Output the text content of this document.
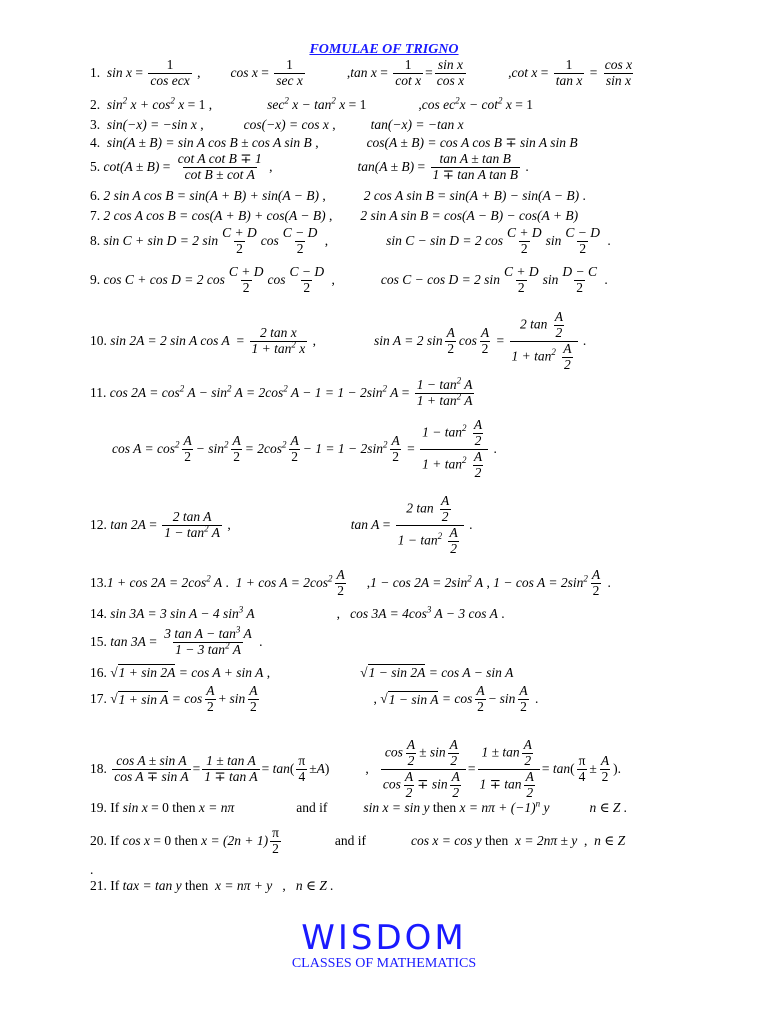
FOMULAE OF TRIGNO
1.
$\sin x = \frac{1}{\text{cos ecx}}$ , $\cos x = \frac{1}{\text{sec x}}$	, $\tan x = \frac{1}{\text{cot x}} = \frac{\text{sin x}}{\text{cos x}}$	, $\cot x = \frac{1}{\text{tan x}} = \frac{\text{cos x}}{\text{sin x}}$
2.
$\sin^2 x + \cos^2 x = 1$ ,	$\sec^2 x - \tan^2 x = 1$	, $\cos ec^2x - \cot^2 x = 1$
3.
sin(−x) = −sin x ,	cos(−x) = cos x ,	tan(−x) = −tan x
4.
sin(A ± B) = sin A cos B ± cos A sin B ,	cos(A ± B) = cos A cos B ∓ sin A sin B
5.
$\cot(A \pm B) = \frac{\text{cot A cot B ∓ 1}}{\text{cot B ± cot A}}$ ,	$\tan(A \pm B) = \frac{\text{tan A ± tan B}}{\text{1 ∓ tan A tan B}}$ .
6.
2 sin A cos B = sin(A + B) + sin(A − B) ,	2 cos A sin B = sin(A + B) − sin(A − B) .
7.
2 cos A cos B = cos(A + B) + cos(A − B) , 2 sin A sin B = cos(A − B) − cos(A + B)
8.
sin C + sin D = 2 $\sin \frac{C + D}{2}$ $\cos \frac{C - D}{2}$ ,	sin C − sin D = 2 $\cos \frac{C + D}{2}$ $\sin \frac{C - D}{2}$ .
9.
cos C + cos D = 2 $\cos \frac{C + D}{2}$ $\cos \frac{C - D}{2}$ ,	cos C − cos D = 2 $\sin \frac{C + D}{2}$ $\sin \frac{D - C}{2}$ .
10.
sin 2A = 2 sin A $\cos A = \frac{\text{2 tan x}}{1 + \tan^2 x}$ ,	sin A = 2 $\sin \frac{A}{2}$ $\cos \frac{A}{2} = \frac{2 \tan \frac{A}{2}}{1 + \tan^2 \frac{A}{2}}$ .
11.
$\cos 2A = \cos^2 A - \sin^2 A = 2\cos^2$ $A - 1 = 1 - 2\sin^2$ $A = \frac{1 - \tan^2 A}{1 + \tan^2 A}$
$\cos A = \cos^2 \frac{A}{2} - \sin^2 \frac{A}{2} = 2\cos^2 \frac{A}{2} - 1 = 1 - 2\sin^2 \frac{A}{2} = \frac{1 - \tan^2 \frac{A}{2}}{1 + \tan^2 \frac{A}{2}}$ .
12.
$\tan 2A = \frac{\text{2 tan A}}{1 - \tan^2 A}$ ,	$\tan A = \frac{2 \tan \frac{A}{2}}{1 - \tan^2 \frac{A}{2}}$ .
13. $1 + \cos 2A = 2\cos^2$ A . $1 + \cos A = 2\cos^2 \frac{A}{2}$ , $1 - \cos 2A = 2\sin^2$ A , $1 - \cos A = 2\sin^2 \frac{A}{2}$ .
14.
sin 3A = 3 sin A − 4 $\sin^3 A$	, $\cos 3A = 4\cos^3$ A − 3 cos A .
15.
$\tan 3A = \frac{3 \tan A - \tan^3 A}{1 - 3 \tan^2 A}$ .
16. √ 1 + sin 2A
= cos A + sin A ,	√ 1 − sin 2A
= cos A − sin A
17. √ 1 + sin A
= $\cos \frac{A}{2} + \sin \frac{A}{2}$	, √ 1 − sin A
= $\cos \frac{A}{2} - \sin \frac{A}{2}$ .
18.
$\frac{\text{cos A ± sin A}}{\text{cos A ∓ sin A}} = \frac{\text{1 ± tan A}}{\text{1 ∓ tan A}} = \tan$ ( $\frac{\pi}{4} \pm A$ )	, $\frac{\cos \frac{A}{2} \pm \sin \frac{A}{2}}{\cos \frac{A}{2} \mp \sin \frac{A}{2}} = \frac{1 \pm \tan \frac{A}{2}}{1 \mp \tan \frac{A}{2}} = \tan$ ( $\frac{\pi}{4} \pm \frac{A}{2}$ ).
19.
If
sin x = 0 then
x = nπ	and if	sin x = sin y
then
$x = n\pi + (-1)^n$ y	n ∈ Z .
20.
If
cos x = 0 then
$x = (2n + 1) \frac{\pi}{2}$	and if	cos x = cos y
then
x = 2nπ ± y , n ∈ Z
.
21.
If
tax = tan y
then
x = nπ + y , n ∈ Z .
WISDOM
CLASSES OF MATHEMATICS
